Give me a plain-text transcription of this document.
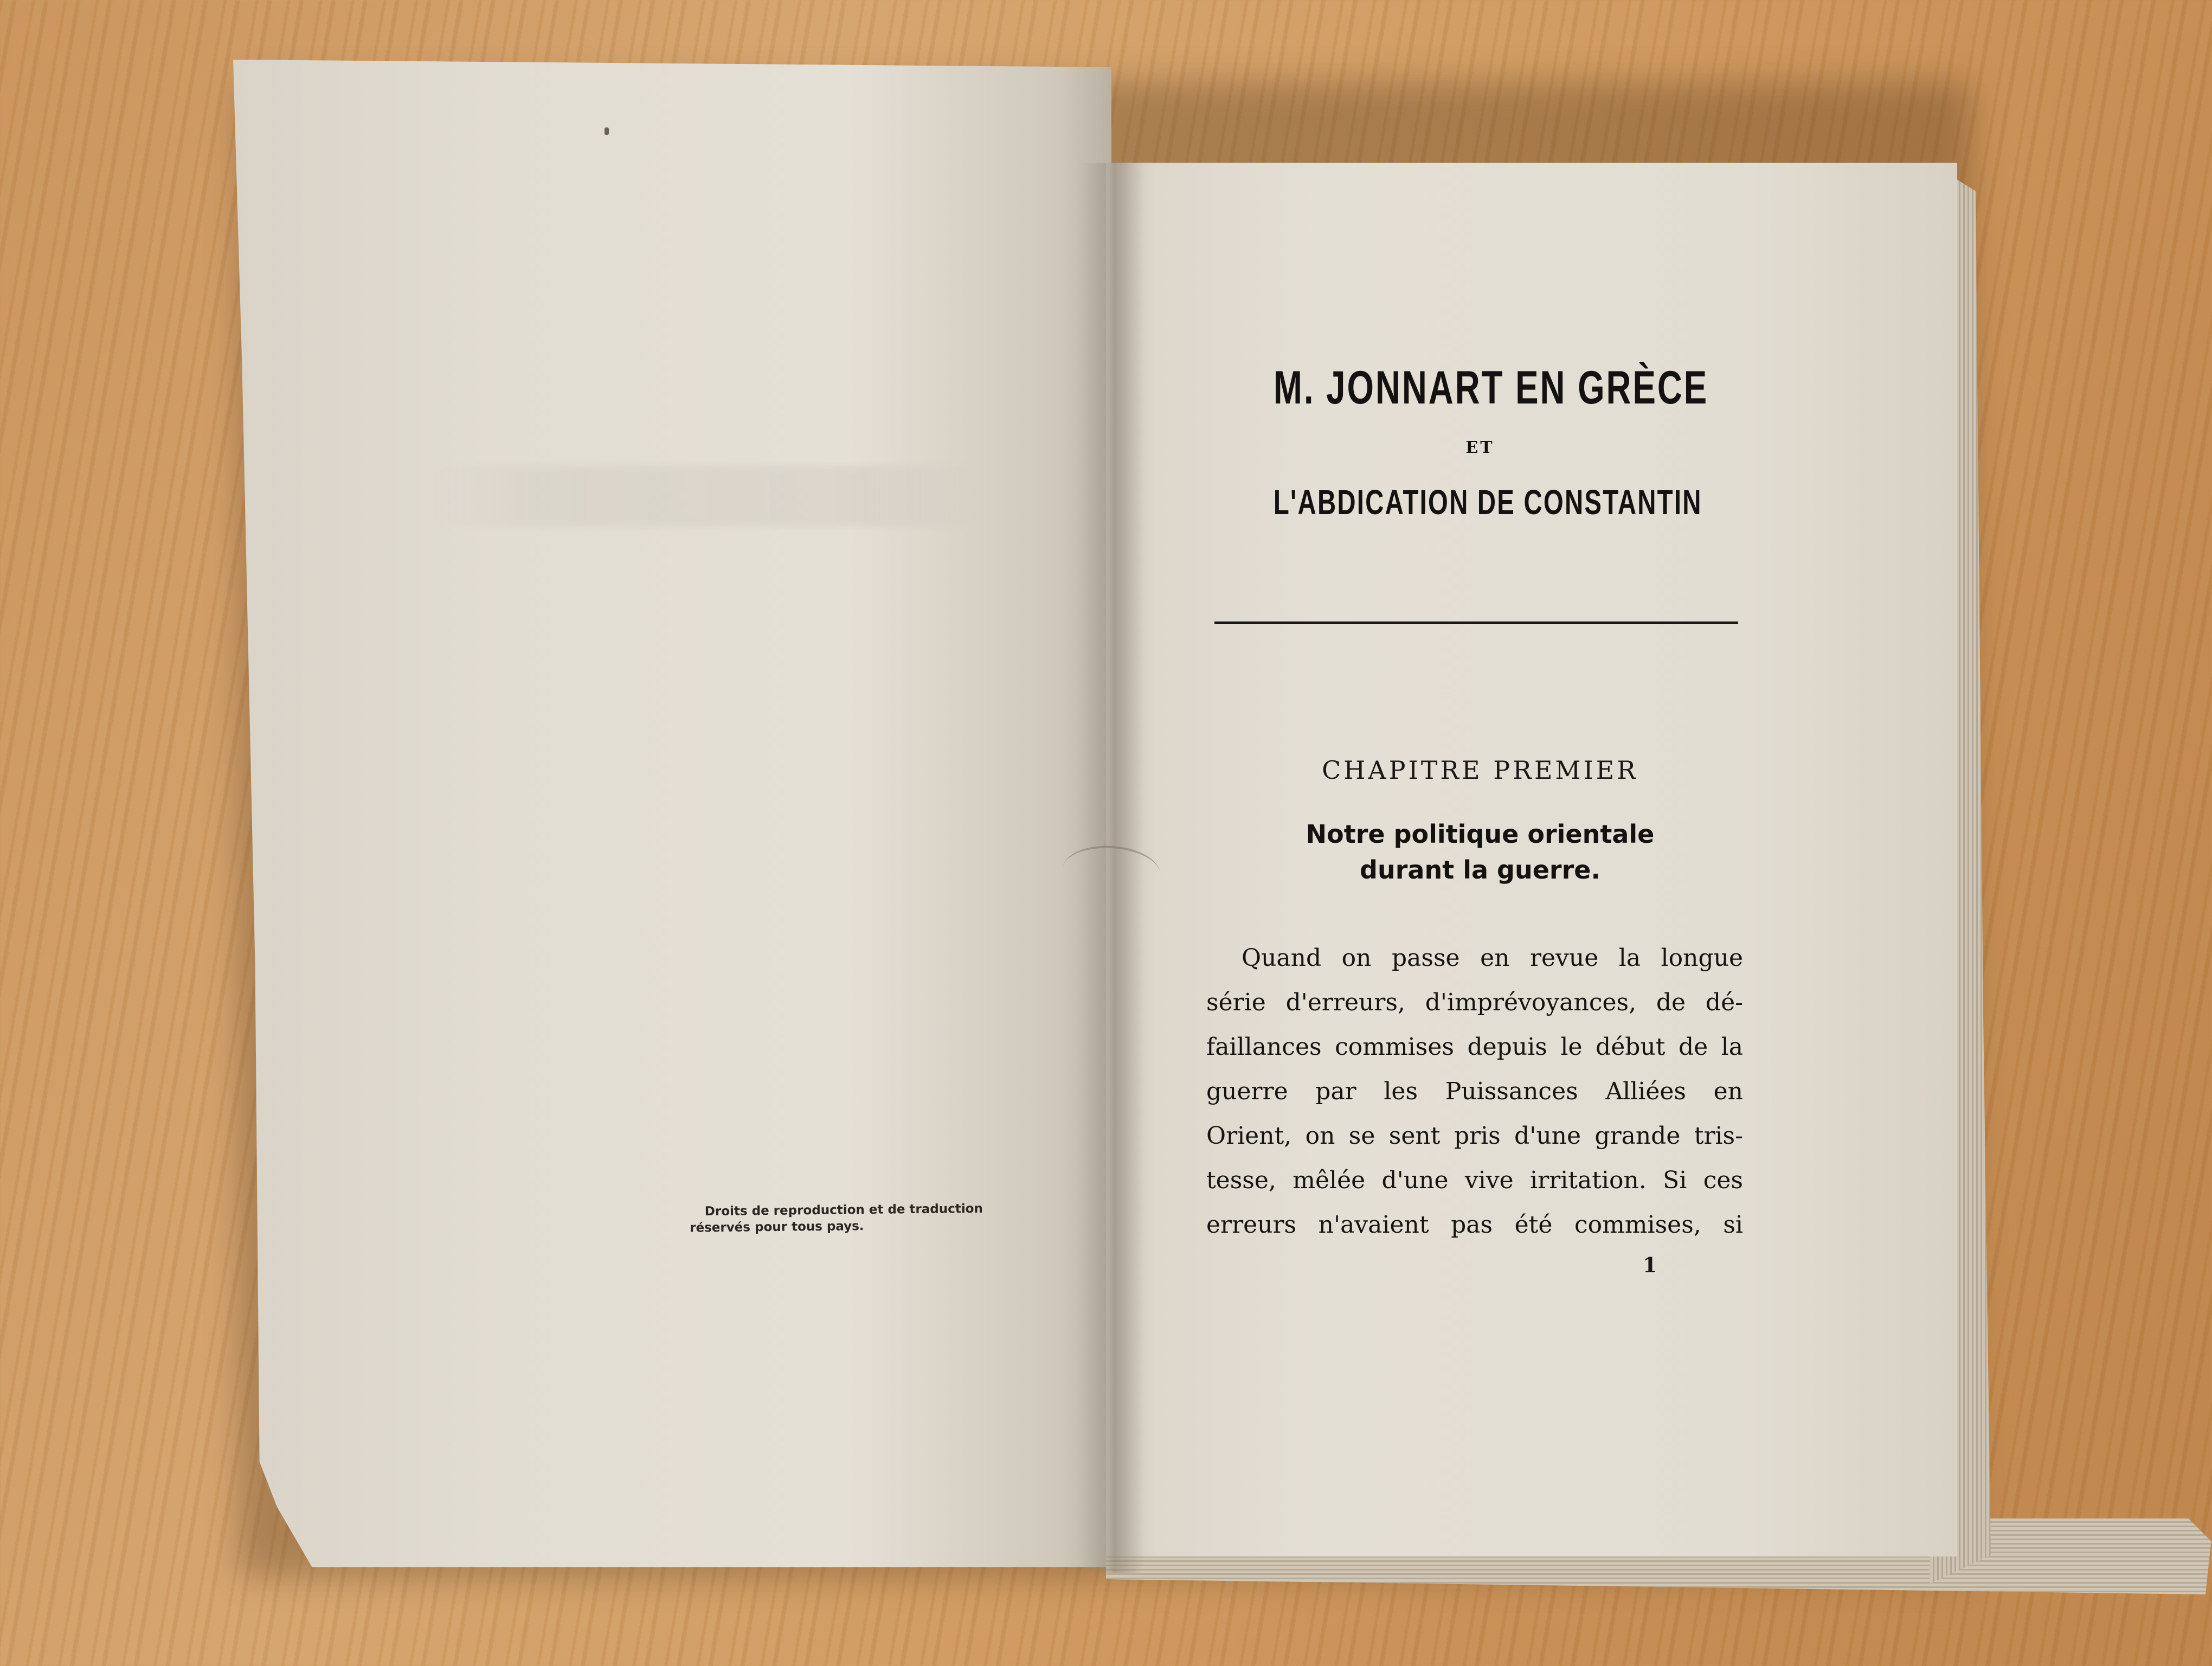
Droits de reproduction et de traduction
réservés pour tous pays.
M. JONNART EN GRÈCE
ET
L'ABDICATION DE CONSTANTIN
CHAPITRE PREMIER
Notre politique orientale
durant la guerre.
Quand on passe en revue la longue
série d'erreurs, d'imprévoyances, de dé-
faillances commises depuis le début de la
guerre par les Puissances Alliées en
Orient, on se sent pris d'une grande tris-
tesse, mêlée d'une vive irritation. Si ces
erreurs n'avaient pas été commises, si
1
